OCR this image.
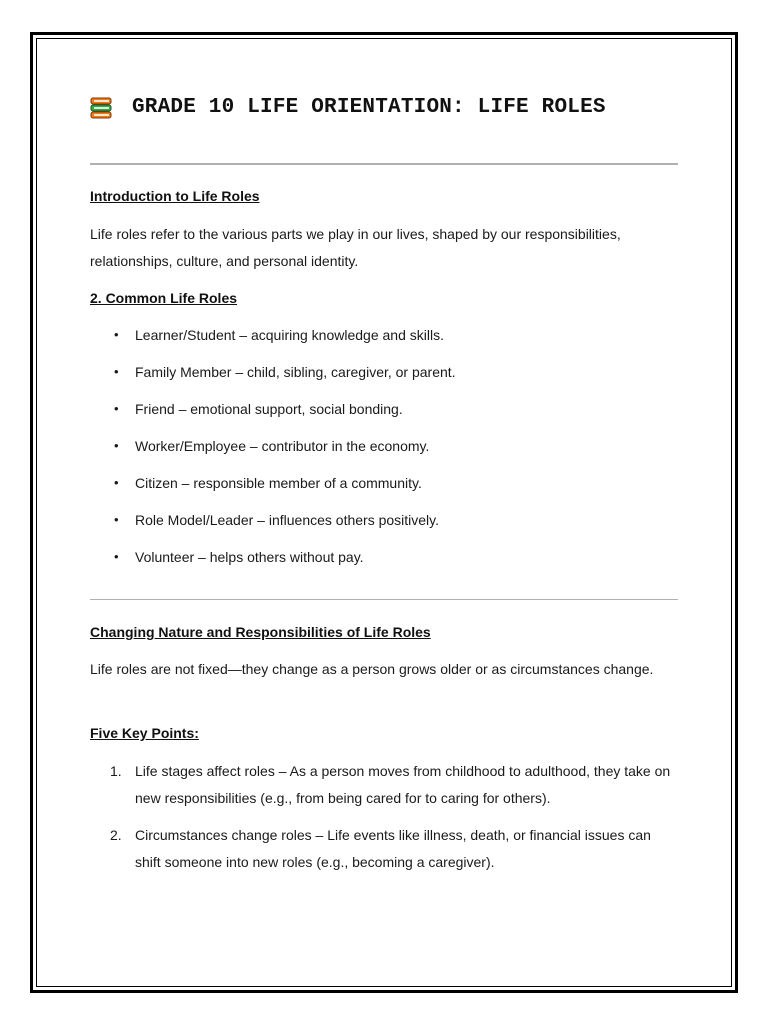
GRADE 10 LIFE ORIENTATION: LIFE ROLES
Introduction to Life Roles
Life roles refer to the various parts we play in our lives, shaped by our responsibilities, relationships, culture, and personal identity.
2. Common Life Roles
• Learner/Student – acquiring knowledge and skills.
• Family Member – child, sibling, caregiver, or parent.
• Friend – emotional support, social bonding.
• Worker/Employee – contributor in the economy.
• Citizen – responsible member of a community.
• Role Model/Leader – influences others positively.
• Volunteer – helps others without pay.
Changing Nature and Responsibilities of Life Roles
Life roles are not fixed—they change as a person grows older or as circumstances change.
Five Key Points:
1. Life stages affect roles – As a person moves from childhood to adulthood, they take on new responsibilities (e.g., from being cared for to caring for others).
2. Circumstances change roles – Life events like illness, death, or financial issues can shift someone into new roles (e.g., becoming a caregiver).
